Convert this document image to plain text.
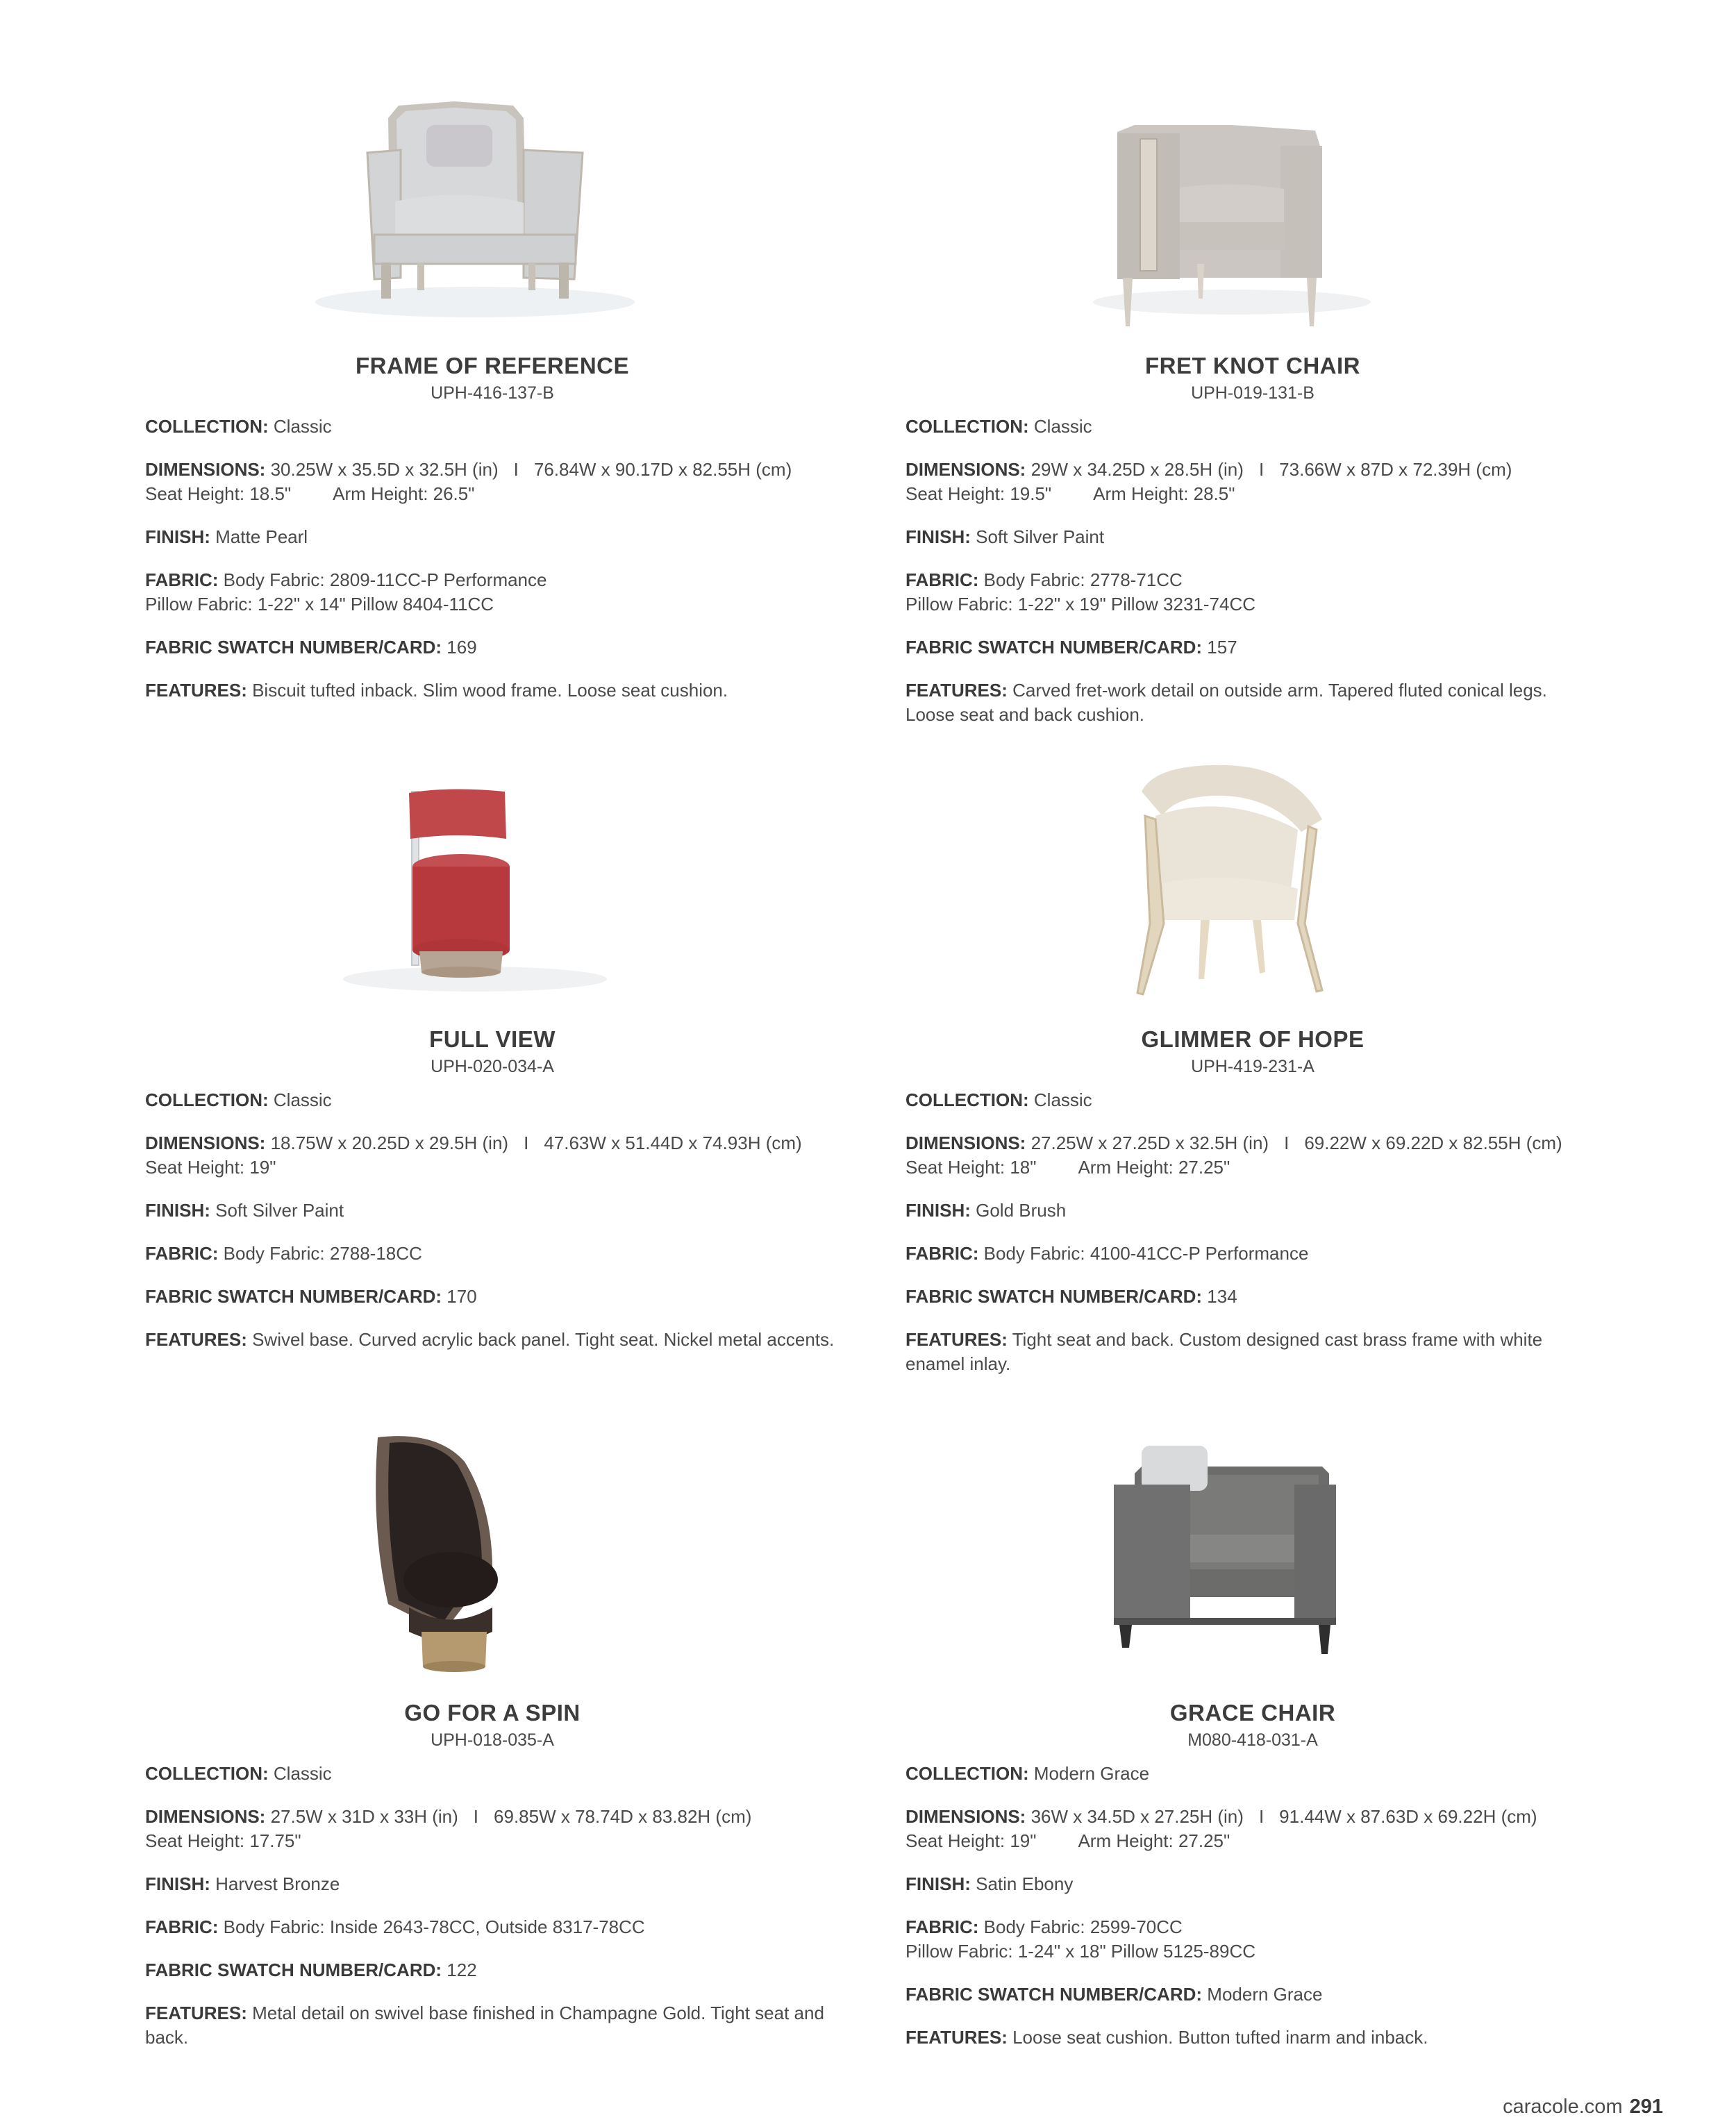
FRAME OF REFERENCE
UPH-416-137-B
COLLECTION: Classic
DIMENSIONS: 30.25W x 35.5D x 32.5H (in) I 76.84W x 90.17D x 82.55H (cm)
Seat Height: 18.5" Arm Height: 26.5"
FINISH: Matte Pearl
FABRIC: Body Fabric: 2809-11CC-P Performance
Pillow Fabric: 1-22" x 14" Pillow 8404-11CC
FABRIC SWATCH NUMBER/CARD: 169
FEATURES: Biscuit tufted inback. Slim wood frame. Loose seat cushion.
FRET KNOT CHAIR
UPH-019-131-B
COLLECTION: Classic
DIMENSIONS: 29W x 34.25D x 28.5H (in) I 73.66W x 87D x 72.39H (cm)
Seat Height: 19.5" Arm Height: 28.5"
FINISH: Soft Silver Paint
FABRIC: Body Fabric: 2778-71CC
Pillow Fabric: 1-22" x 19" Pillow 3231-74CC
FABRIC SWATCH NUMBER/CARD: 157
FEATURES: Carved fret-work detail on outside arm. Tapered fluted conical legs. Loose seat and back cushion.
FULL VIEW
UPH-020-034-A
COLLECTION: Classic
DIMENSIONS: 18.75W x 20.25D x 29.5H (in) I 47.63W x 51.44D x 74.93H (cm)
Seat Height: 19"
FINISH: Soft Silver Paint
FABRIC: Body Fabric: 2788-18CC
FABRIC SWATCH NUMBER/CARD: 170
FEATURES: Swivel base. Curved acrylic back panel. Tight seat. Nickel metal accents.
GLIMMER OF HOPE
UPH-419-231-A
COLLECTION: Classic
DIMENSIONS: 27.25W x 27.25D x 32.5H (in) I 69.22W x 69.22D x 82.55H (cm)
Seat Height: 18" Arm Height: 27.25"
FINISH: Gold Brush
FABRIC: Body Fabric: 4100-41CC-P Performance
FABRIC SWATCH NUMBER/CARD: 134
FEATURES: Tight seat and back. Custom designed cast brass frame with white enamel inlay.
GO FOR A SPIN
UPH-018-035-A
COLLECTION: Classic
DIMENSIONS: 27.5W x 31D x 33H (in) I 69.85W x 78.74D x 83.82H (cm)
Seat Height: 17.75"
FINISH: Harvest Bronze
FABRIC: Body Fabric: Inside 2643-78CC, Outside 8317-78CC
FABRIC SWATCH NUMBER/CARD: 122
FEATURES: Metal detail on swivel base finished in Champagne Gold. Tight seat and back.
GRACE CHAIR
M080-418-031-A
COLLECTION: Modern Grace
DIMENSIONS: 36W x 34.5D x 27.25H (in) I 91.44W x 87.63D x 69.22H (cm)
Seat Height: 19" Arm Height: 27.25"
FINISH: Satin Ebony
FABRIC: Body Fabric: 2599-70CC
Pillow Fabric: 1-24" x 18" Pillow 5125-89CC
FABRIC SWATCH NUMBER/CARD: Modern Grace
FEATURES: Loose seat cushion. Button tufted inarm and inback.
caracole.com 291
